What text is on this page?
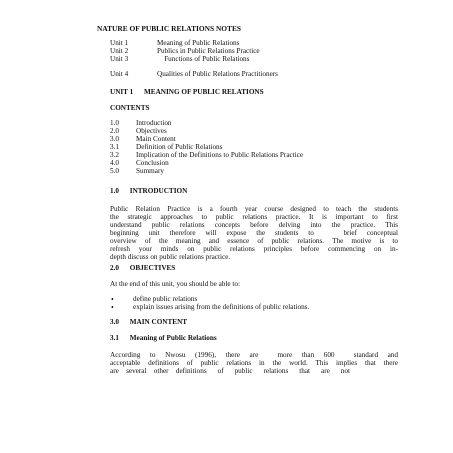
NATURE OF PUBLIC RELATIONS NOTES
Unit 1	Meaning of Public Relations
Unit 2	Publics in Public Relations Practice
Unit 3	Functions of Public Relations
Unit 4	Qualities of Public Relations Practitioners
UNIT 1      MEANING OF PUBLIC RELATIONS
CONTENTS
1.0 Introduction
2.0 Objectives
3.0 Main Content
3.1 Definition of Public Relations
3.2 Implication of the Definitions to Public Relations Practice
4.0 Conclusion
5.0 Summary
1.0      INTRODUCTION
Public Relation Practice is a fourth year course designed to teach the students
the strategic approaches to public relations practice. It is important to first
understand public relations concepts before delving into the practice. This
beginning unit therefore will expose the students to   brief conceptual
overview of the meaning and essence of public relations. The motive is to
refresh your minds on public relations principles before commencing on in-
depth discuss on public relations practice.
2.0      OBJECTIVES
At the end of this unit, you should be able to:
•	define public relations
•	explain issues arising from the definitions of public relations.
3.0      MAIN CONTENT
3.1      Meaning of Public Relations
According  to  Nwosu  (1996),  there  are    more  than  600    standard  and
acceptable definitions of public relations in the world. This implies that there
are  several  other  definitions   of   public   relations   that   are   not
